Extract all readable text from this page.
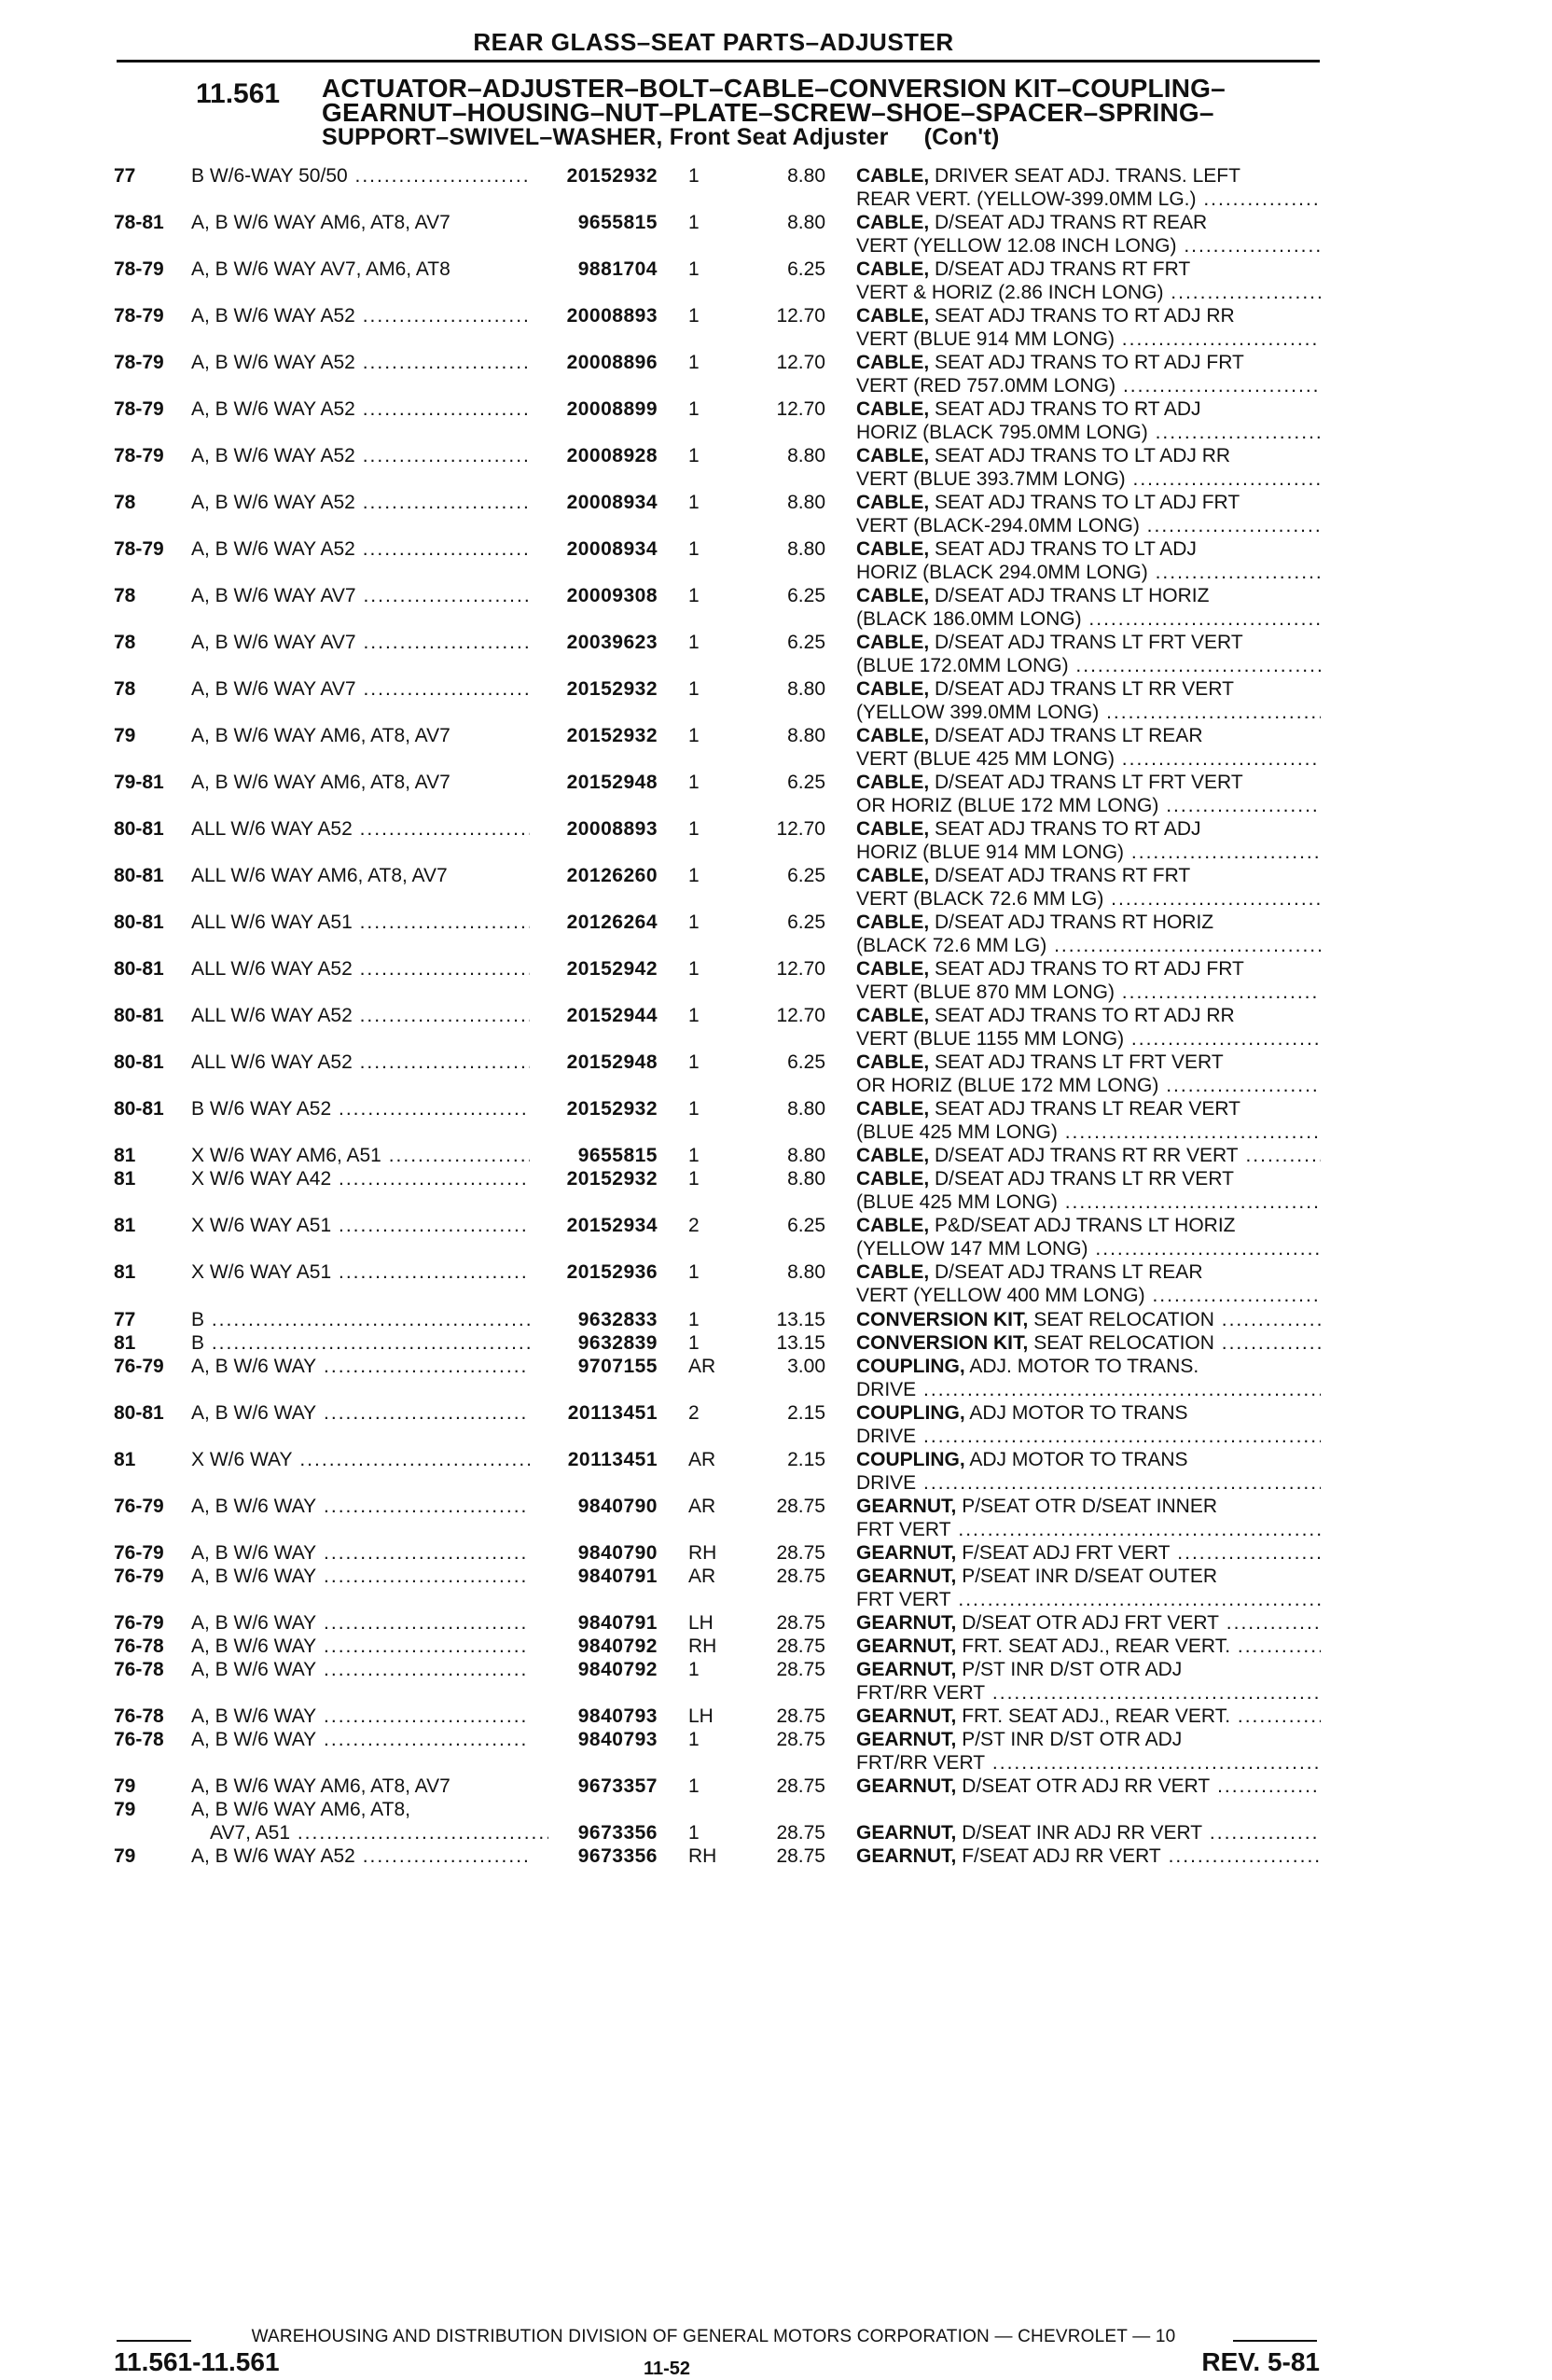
REAR GLASS–SEAT PARTS–ADJUSTER
11.561 ACTUATOR–ADJUSTER–BOLT–CABLE–CONVERSION KIT–COUPLING–
GEARNUT–HOUSING–NUT–PLATE–SCREW–SHOE–SPACER–SPRING–
SUPPORT–SWIVEL–WASHER, Front Seat Adjuster (Con't)
77	B W/6-WAY 50/50 .....	20152932 1	8.80 CABLE, DRIVER SEAT ADJ. TRANS. LEFT
REAR VERT. (YELLOW-399.0MM LG.) .....
78-81 A, B W/6 WAY AM6, AT8, AV7	9655815 1	8.80 CABLE, D/SEAT ADJ TRANS RT REAR
VERT (YELLOW 12.08 INCH LONG) .....
78-79 A, B W/6 WAY AV7, AM6, AT8	9881704 1	6.25 CABLE, D/SEAT ADJ TRANS RT FRT
VERT & HORIZ (2.86 INCH LONG) .....
78-79 A, B W/6 WAY A52 .....	20008893 1	12.70 CABLE, SEAT ADJ TRANS TO RT ADJ RR
VERT (BLUE 914 MM LONG) .....
78-79 A, B W/6 WAY A52 .....	20008896 1	12.70 CABLE, SEAT ADJ TRANS TO RT ADJ FRT
VERT (RED 757.0MM LONG) .....
78-79 A, B W/6 WAY A52 .....	20008899 1	12.70 CABLE, SEAT ADJ TRANS TO RT ADJ
HORIZ (BLACK 795.0MM LONG) .....
78-79 A, B W/6 WAY A52 .....	20008928 1	8.80 CABLE, SEAT ADJ TRANS TO LT ADJ RR
VERT (BLUE 393.7MM LONG) .....
78	A, B W/6 WAY A52 .....	20008934 1	8.80 CABLE, SEAT ADJ TRANS TO LT ADJ FRT
VERT (BLACK-294.0MM LONG) .....
78-79 A, B W/6 WAY A52 .....	20008934 1	8.80 CABLE, SEAT ADJ TRANS TO LT ADJ
HORIZ (BLACK 294.0MM LONG) .....
78	A, B W/6 WAY AV7 .....	20009308 1	6.25 CABLE, D/SEAT ADJ TRANS LT HORIZ
(BLACK 186.0MM LONG) .....
78	A, B W/6 WAY AV7 .....	20039623 1	6.25 CABLE, D/SEAT ADJ TRANS LT FRT VERT
(BLUE 172.0MM LONG) .....
78	A, B W/6 WAY AV7 .....	20152932 1	8.80 CABLE, D/SEAT ADJ TRANS LT RR VERT
(YELLOW 399.0MM LONG) .....
79	A, B W/6 WAY AM6, AT8, AV7	20152932 1	8.80 CABLE, D/SEAT ADJ TRANS LT REAR
VERT (BLUE 425 MM LONG) .....
79-81 A, B W/6 WAY AM6, AT8, AV7	20152948 1	6.25 CABLE, D/SEAT ADJ TRANS LT FRT VERT
OR HORIZ (BLUE 172 MM LONG) .....
80-81 ALL W/6 WAY A52 .....	20008893 1	12.70 CABLE, SEAT ADJ TRANS TO RT ADJ
HORIZ (BLUE 914 MM LONG) .....
80-81 ALL W/6 WAY AM6, AT8, AV7	20126260 1	6.25 CABLE, D/SEAT ADJ TRANS RT FRT
VERT (BLACK 72.6 MM LG) .....
80-81 ALL W/6 WAY A51 .....	20126264 1	6.25 CABLE, D/SEAT ADJ TRANS RT HORIZ
(BLACK 72.6 MM LG) .....
80-81 ALL W/6 WAY A52 .....	20152942 1	12.70 CABLE, SEAT ADJ TRANS TO RT ADJ FRT
VERT (BLUE 870 MM LONG) .....
80-81 ALL W/6 WAY A52 .....	20152944 1	12.70 CABLE, SEAT ADJ TRANS TO RT ADJ RR
VERT (BLUE 1155 MM LONG) .....
80-81 ALL W/6 WAY A52 .....	20152948 1	6.25 CABLE, SEAT ADJ TRANS LT FRT VERT
OR HORIZ (BLUE 172 MM LONG) .....
80-81 B W/6 WAY A52 .....	20152932 1	8.80 CABLE, SEAT ADJ TRANS LT REAR VERT
(BLUE 425 MM LONG) .....
81	X W/6 WAY AM6, A51 .....	9655815 1	8.80 CABLE, D/SEAT ADJ TRANS RT RR VERT .....
81	X W/6 WAY A42 .....	20152932 1	8.80 CABLE, D/SEAT ADJ TRANS LT RR VERT
(BLUE 425 MM LONG) .....
81	X W/6 WAY A51 .....	20152934 2	6.25 CABLE, P&D/SEAT ADJ TRANS LT HORIZ
(YELLOW 147 MM LONG) .....
81	X W/6 WAY A51 .....	20152936 1	8.80 CABLE, D/SEAT ADJ TRANS LT REAR
VERT (YELLOW 400 MM LONG) .....
77	B .....	9632833 1	13.15 CONVERSION KIT, SEAT RELOCATION .....
81	B .....	9632839 1	13.15 CONVERSION KIT, SEAT RELOCATION .....
76-79 A, B W/6 WAY .....	9707155 AR	3.00 COUPLING, ADJ. MOTOR TO TRANS.
DRIVE .....
80-81 A, B W/6 WAY .....	20113451 2	2.15 COUPLING, ADJ MOTOR TO TRANS
DRIVE .....
81	X W/6 WAY .....	20113451 AR	2.15 COUPLING, ADJ MOTOR TO TRANS
DRIVE .....
76-79 A, B W/6 WAY .....	9840790 AR	28.75 GEARNUT, P/SEAT OTR D/SEAT INNER
FRT VERT .....
76-79 A, B W/6 WAY .....	9840790 RH	28.75 GEARNUT, F/SEAT ADJ FRT VERT .....
76-79 A, B W/6 WAY .....	9840791 AR	28.75 GEARNUT, P/SEAT INR D/SEAT OUTER
FRT VERT .....
76-79 A, B W/6 WAY .....	9840791 LH	28.75 GEARNUT, D/SEAT OTR ADJ FRT VERT .....
76-78 A, B W/6 WAY .....	9840792 RH	28.75 GEARNUT, FRT. SEAT ADJ., REAR VERT. .....
76-78 A, B W/6 WAY .....	9840792 1	28.75 GEARNUT, P/ST INR D/ST OTR ADJ
FRT/RR VERT .....
76-78 A, B W/6 WAY .....	9840793 LH	28.75 GEARNUT, FRT. SEAT ADJ., REAR VERT. .....
76-78 A, B W/6 WAY .....	9840793 1	28.75 GEARNUT, P/ST INR D/ST OTR ADJ
FRT/RR VERT .....
79	A, B W/6 WAY AM6, AT8, AV7	9673357 1	28.75 GEARNUT, D/SEAT OTR ADJ RR VERT .....
79	A, B W/6 WAY AM6, AT8,
AV7, A51 .....	9673356 1	28.75 GEARNUT, D/SEAT INR ADJ RR VERT .....
79	A, B W/6 WAY A52 .....	9673356 RH	28.75 GEARNUT, F/SEAT ADJ RR VERT .....
WAREHOUSING AND DISTRIBUTION DIVISION OF GENERAL MOTORS CORPORATION — CHEVROLET — 10
11.561-11.561	11-52	REV. 5-81
